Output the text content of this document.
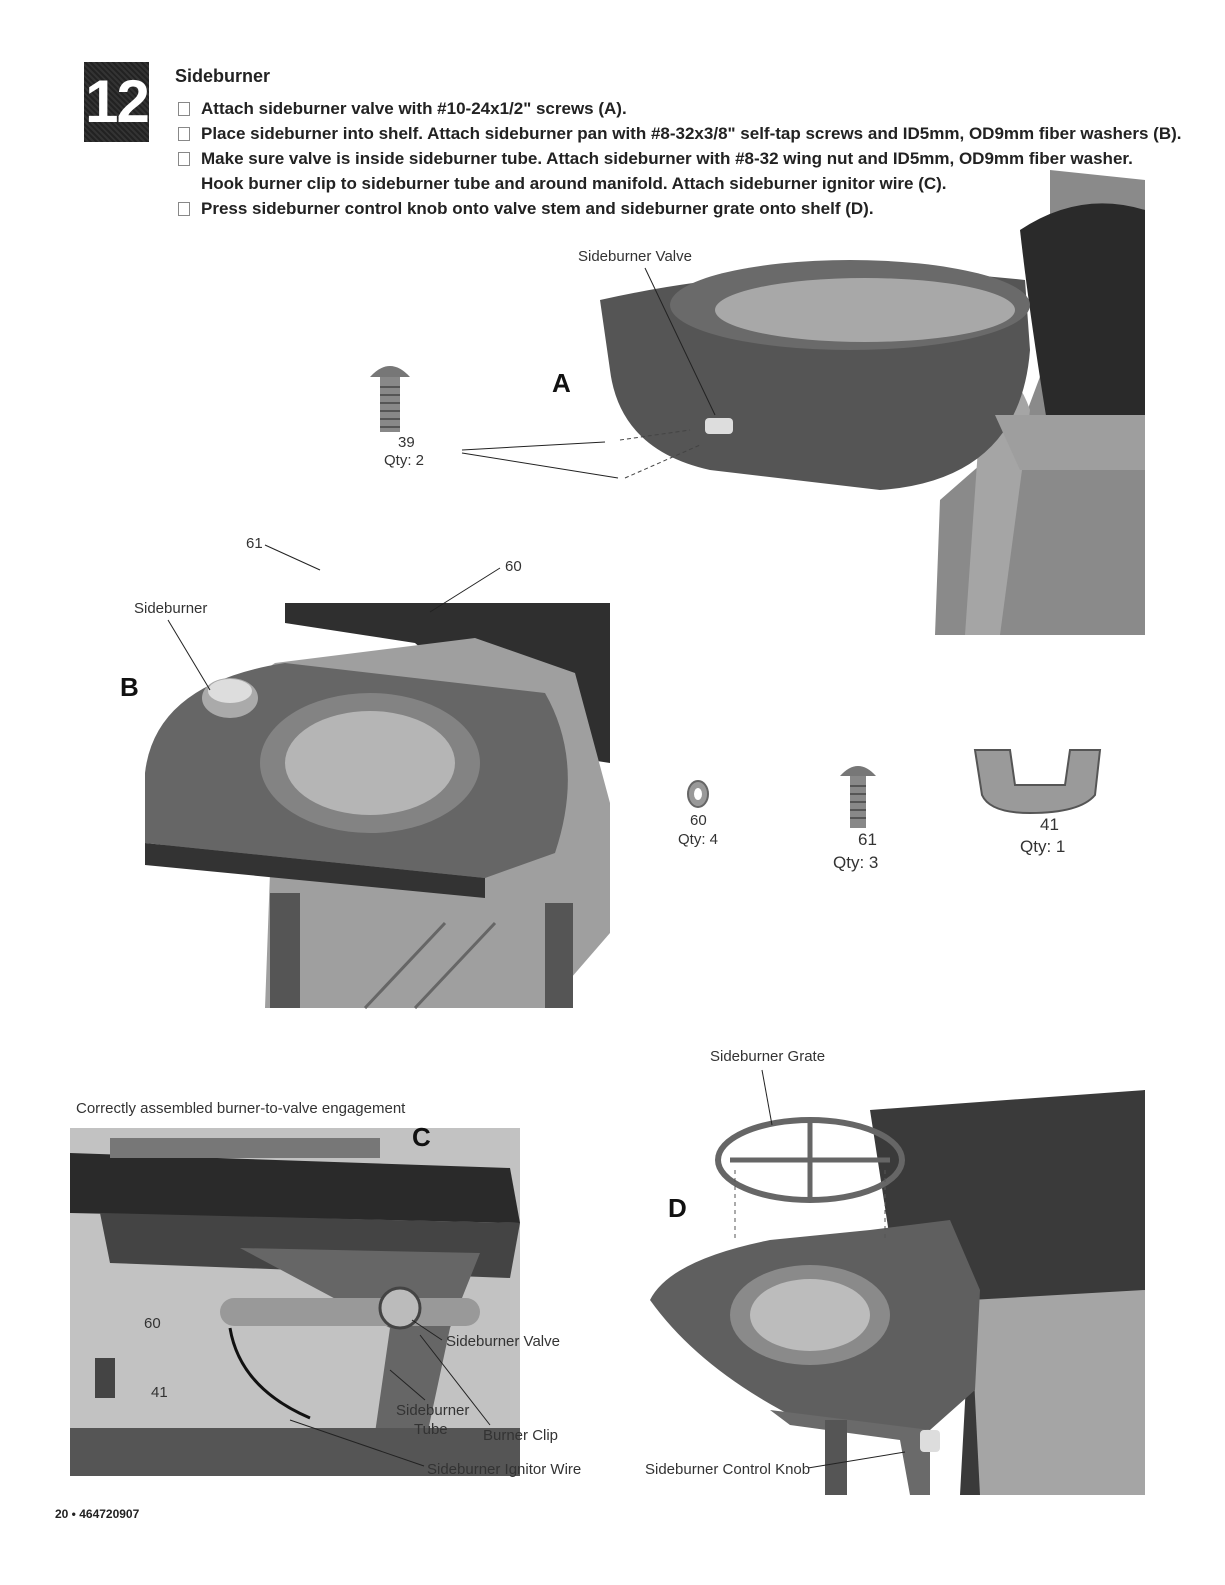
12 Sideburner
Attach sideburner valve with #10-24x1/2" screws (A).
Place sideburner into shelf. Attach sideburner pan with #8-32x3/8" self-tap screws and ID5mm, OD9mm fiber washers (B).
Make sure valve is inside sideburner tube. Attach sideburner with #8-32 wing nut and ID5mm, OD9mm fiber washer. Hook burner clip to sideburner tube and around manifold. Attach sideburner ignitor wire (C).
Press sideburner control knob onto valve stem and sideburner grate onto shelf (D).
Sideburner Valve
A
39
Qty: 2
61
60
Sideburner
B
60
Qty: 4	61
Qty: 3
41
Qty: 1
Correctly assembled burner-to-valve engagement
C
60
41
Sideburner Valve
Sideburner
Tube Burner Clip
Sideburner Ignitor Wire
Sideburner Grate
D
Sideburner Control Knob
20 • 464720907
